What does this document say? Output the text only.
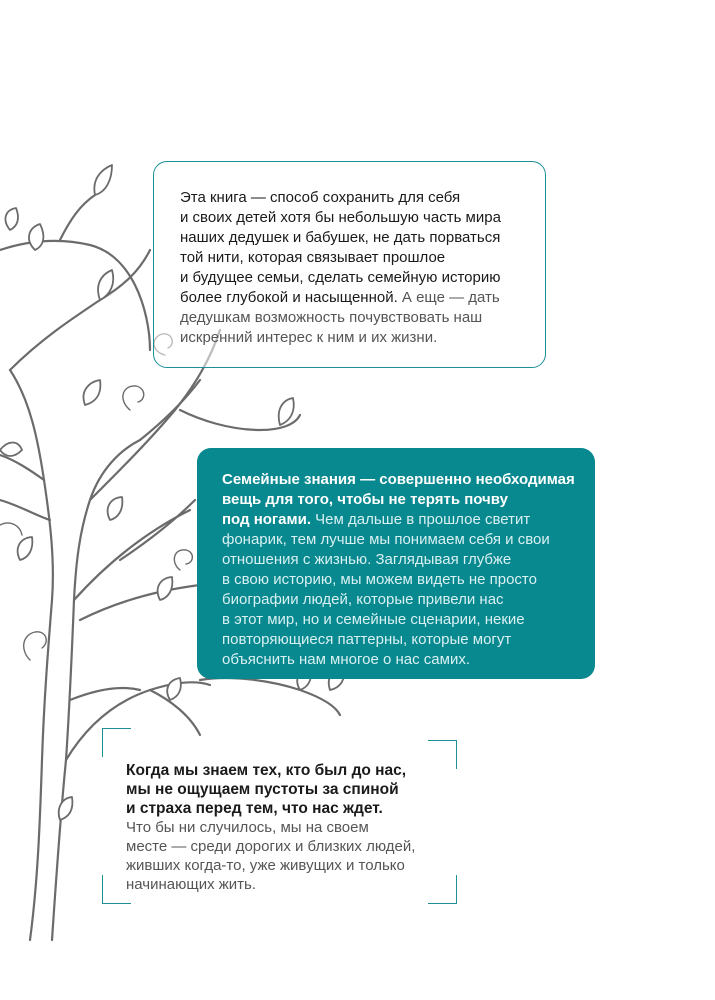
Эта книга — способ сохранить для себя
и своих детей хотя бы небольшую часть мира
наших дедушек и бабушек, не дать порваться
той нити, которая связывает прошлое
и будущее семьи, сделать семейную историю
более глубокой и насыщенной. А еще — дать
дедушкам возможность почувствовать наш
искренний интерес к ним и их жизни.

Семейные знания — совершенно необходимая
вещь для того, чтобы не терять почву
под ногами. Чем дальше в прошлое светит
фонарик, тем лучше мы понимаем себя и свои
отношения с жизнью. Заглядывая глубже
в свою историю, мы можем видеть не просто
биографии людей, которые привели нас
в этот мир, но и семейные сценарии, некие
повторяющиеся паттерны, которые могут
объяснить нам многое о нас самих.

Когда мы знаем тех, кто был до нас,
мы не ощущаем пустоты за спиной
и страха перед тем, что нас ждет.
Что бы ни случилось, мы на своем
месте — среди дорогих и близких людей,
живших когда-то, уже живущих и только
начинающих жить.
